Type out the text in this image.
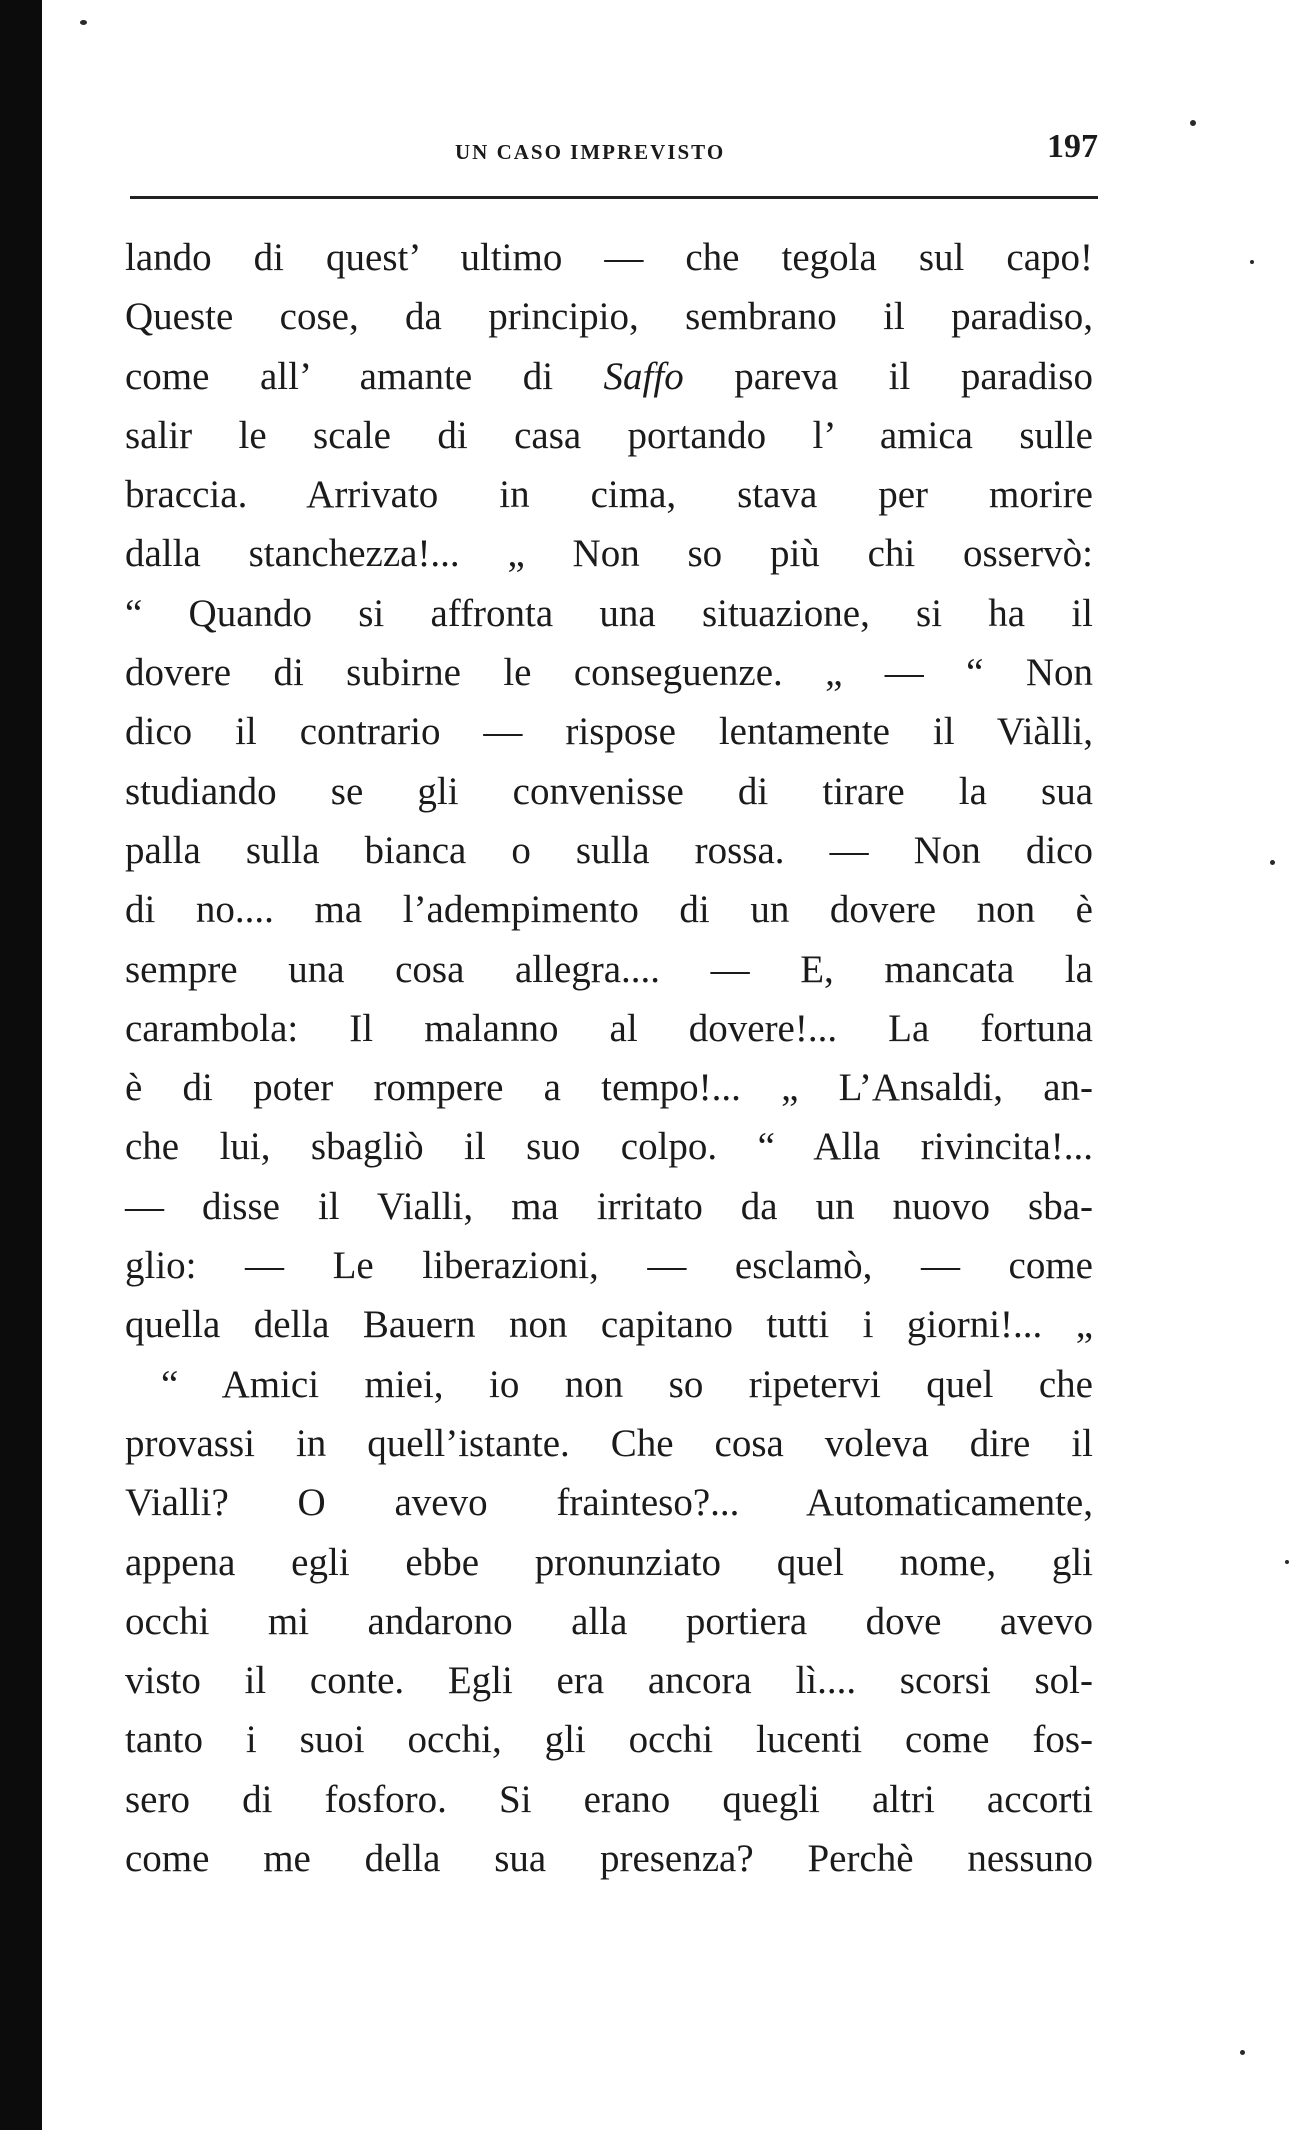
UN CASO IMPREVISTO	197
lando di quest’ ultimo — che tegola sul capo!
Queste cose, da principio, sembrano il paradiso,
come all’ amante di Saffo pareva il paradiso
salir le scale di casa portando l’ amica sulle
braccia. Arrivato in cima, stava per morire
dalla stanchezza!... „ Non so più chi osservò:
“ Quando si affronta una situazione, si ha il
dovere di subirne le conseguenze. „ — “ Non
dico il contrario — rispose lentamente il Viàlli,
studiando se gli convenisse di tirare la sua
palla sulla bianca o sulla rossa. — Non dico
di no.... ma l’adempimento di un dovere non è
sempre una cosa allegra.... — E, mancata la
carambola: Il malanno al dovere!... La fortuna
è di poter rompere a tempo!... „ L’Ansaldi, an-
che lui, sbagliò il suo colpo. “ Alla rivincita!...
— disse il Vialli, ma irritato da un nuovo sba-
glio: — Le liberazioni, — esclamò, — come
quella della Bauern non capitano tutti i giorni!... „
“ Amici miei, io non so ripetervi quel che
provassi in quell’istante. Che cosa voleva dire il
Vialli? O avevo frainteso?... Automaticamente,
appena egli ebbe pronunziato quel nome, gli
occhi mi andarono alla portiera dove avevo
visto il conte. Egli era ancora lì.... scorsi sol-
tanto i suoi occhi, gli occhi lucenti come fos-
sero di fosforo. Si erano quegli altri accorti
come me della sua presenza? Perchè nessuno
